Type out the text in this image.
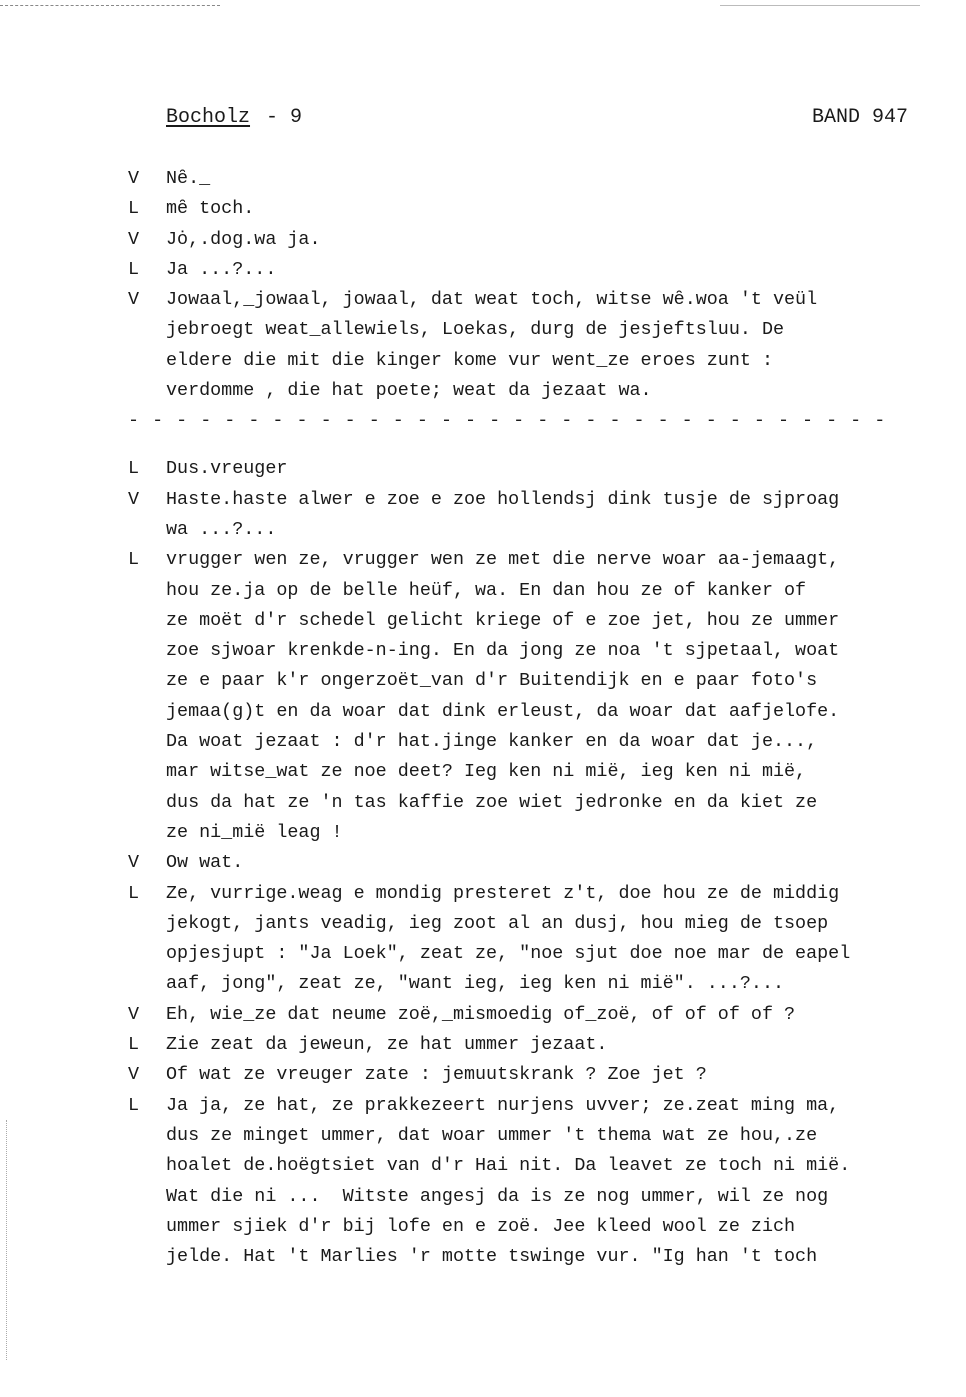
Bocholz - 9	BAND 947
V	Nȇ._
L	mȇ toch.
V	Jȯ,.dog.wa ja.
L	Ja ...?...
V	Jowaal,_jowaal, jowaal, dat weat toch, witse wȇ.woa 't veül
jebroegt weat_allewiels, Loekas, durg de jesjeftsluu. De
eldere die mit die kinger kome vur went_ze eroes zunt :
verdomme , die hat poete; weat da jezaat wa.
- - - - - - - - - - - - - - - - - - - - - - - - - - - - - - - -
L	Dus.vreuger
V	Haste.haste alwer e zoe e zoe hollendsj dink tusje de sjproag
wa ...?...
L	vrugger wen ze, vrugger wen ze met die nerve woar aa-jemaagt,
hou ze.ja op de belle heüf, wa. En dan hou ze of kanker of
ze moët d'r schedel gelicht kriege of e zoe jet, hou ze ummer
zoe sjwoar krenkde-n-ing. En da jong ze noa 't sjpetaal, woat
ze e paar k'r ongerzoët_van d'r Buitendijk en e paar foto's
jemaa(g)t en da woar dat dink erleust, da woar dat aafjelofe.
Da woat jezaat : d'r hat.jinge kanker en da woar dat je...,
mar witse_wat ze noe deet? Ieg ken ni miё, ieg ken ni miё,
dus da hat ze 'n tas kaffie zoe wiet jedronke en da kiet ze
ze ni_miё leag !
V	Ow wat.
L	Ze, vurrige.weag e mondig presteret z't, doe hou ze de middig
jekogt, jants veadig, ieg zoot al an dusj, hou mieg de tsoep
opjesjupt : "Ja Loek", zeat ze, "noe sjut doe noe mar de eapel
aaf, jong", zeat ze, "want ieg, ieg ken ni miё". ...?...
V	Eh, wie_ze dat neume zoё,_mismoedig of_zoё, of of of of ?
L	Zie zeat da jeweun, ze hat ummer jezaat.
V	Of wat ze vreuger zate : jemuutskrank ? Zoe jet ?
L	Ja ja, ze hat, ze prakkezeert nurjens uvver; ze.zeat ming ma,
dus ze minget ummer, dat woar ummer 't thema wat ze hou,.ze
hoalet de.hoёgtsiet van d'r Hai nit. Da leavet ze toch ni miё.
Wat die ni ...  Witste angesj da is ze nog ummer, wil ze nog
ummer sjiek d'r bij lofe en e zoё. Jee kleed wool ze zich
jelde. Hat 't Marlies 'r motte tswinge vur. "Ig han 't toch
